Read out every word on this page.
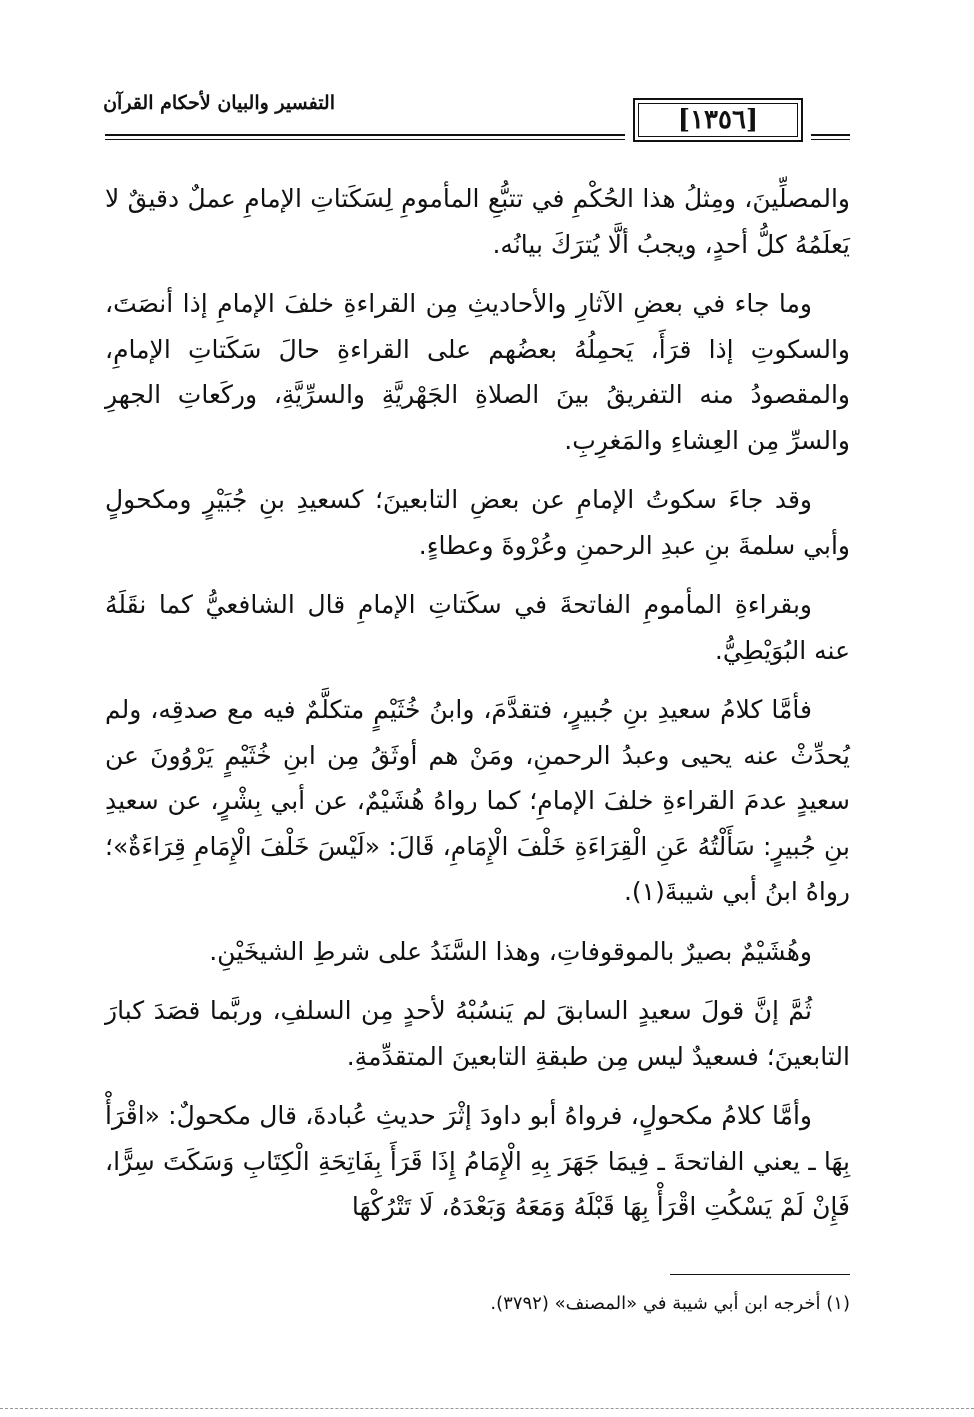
التفسير والبيان لأحكام القرآن
[١٣٥٦]

والمصلِّينَ، ومِثلُ هذا الحُكْمِ في تتبُّعِ المأمومِ لِسَكَتاتِ الإمامِ عملٌ دقيقٌ لا يَعلَمُهُ كلُّ أحدٍ، ويجبُ ألَّا يُترَكَ بيانُه.

وما جاء في بعضِ الآثارِ والأحاديثِ مِن القراءةِ خلفَ الإمامِ إذا أنصَتَ، والسكوتِ إذا قرَأَ، يَحمِلُهُ بعضُهم على القراءةِ حالَ سَكَتاتِ الإمامِ، والمقصودُ منه التفريقُ بينَ الصلاةِ الجَهْريَّةِ والسرِّيَّةِ، وركَعاتِ الجهرِ والسرِّ مِن العِشاءِ والمَغرِبِ.

وقد جاءَ سكوتُ الإمامِ عن بعضِ التابعينَ؛ كسعيدِ بنِ جُبَيْرٍ ومكحولٍ وأبي سلمةَ بنِ عبدِ الرحمنِ وعُرْوةَ وعطاءٍ.

وبقراءةِ المأمومِ الفاتحةَ في سكَتاتِ الإمامِ قال الشافعيُّ كما نقَلَهُ عنه البُوَيْطِيُّ.

فأمَّا كلامُ سعيدِ بنِ جُبيرٍ، فتقدَّمَ، وابنُ خُثَيْمٍ متكلَّمٌ فيه مع صدقِه، ولم يُحدِّثْ عنه يحيى وعبدُ الرحمنِ، ومَنْ هم أوثَقُ مِن ابنِ خُثَيْمٍ يَرْوُونَ عن سعيدٍ عدمَ القراءةِ خلفَ الإمامِ؛ كما رواهُ هُشَيْمٌ، عن أبي بِشْرٍ، عن سعيدِ بنِ جُبيرٍ: سَأَلْتُهُ عَنِ الْقِرَاءَةِ خَلْفَ الْإِمَامِ، قَالَ: «لَيْسَ خَلْفَ الْإِمَامِ قِرَاءَةٌ»؛ رواهُ ابنُ أبي شيبةَ(١).

وهُشَيْمٌ بصيرٌ بالموقوفاتِ، وهذا السَّنَدُ على شرطِ الشيخَيْنِ.

ثُمَّ إنَّ قولَ سعيدٍ السابقَ لم يَنسُبْهُ لأحدٍ مِن السلفِ، وربَّما قصَدَ كبارَ التابعينَ؛ فسعيدٌ ليس مِن طبقةِ التابعينَ المتقدِّمةِ.

وأمَّا كلامُ مكحولٍ، فرواهُ أبو داودَ إثْرَ حديثِ عُبادةَ، قال مكحولٌ: «اقْرَأْ بِهَا ـ يعني الفاتحةَ ـ فِيمَا جَهَرَ بِهِ الْإِمَامُ إِذَا قَرَأَ بِفَاتِحَةِ الْكِتَابِ وَسَكَتَ سِرًّا، فَإِنْ لَمْ يَسْكُتِ اقْرَأْ بِهَا قَبْلَهُ وَمَعَهُ وَبَعْدَهُ، لَا تَتْرُكْهَا

(١) أخرجه ابن أبي شيبة في «المصنف» (٣٧٩٢).
